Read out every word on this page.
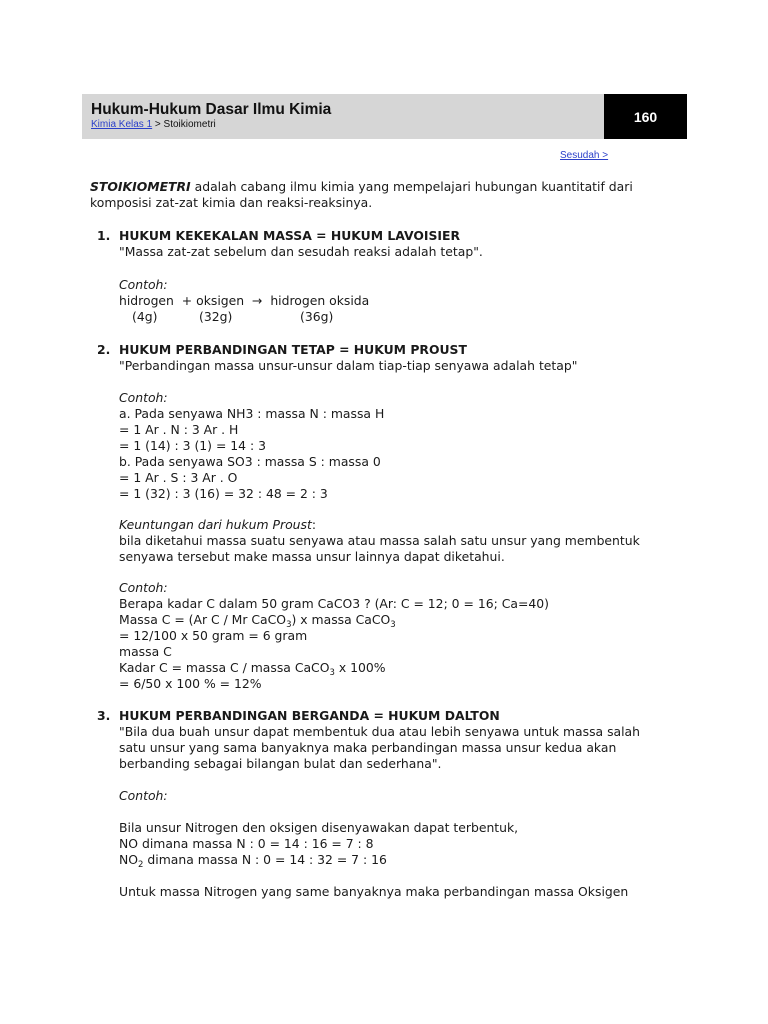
Hukum-Hukum Dasar Ilmu Kimia
Kimia Kelas 1 > Stoikiometri	160
Sesudah >
STOIKIOMETRI adalah cabang ilmu kimia yang mempelajari hubungan kuantitatif dari
komposisi zat-zat kimia dan reaksi-reaksinya.
1. HUKUM KEKEKALAN MASSA = HUKUM LAVOISIER
"Massa zat-zat sebelum dan sesudah reaksi adalah tetap".
Contoh:
hidrogen + oksigen → hidrogen oksida
(4g)	(32g)	(36g)
2. HUKUM PERBANDINGAN TETAP = HUKUM PROUST
"Perbandingan massa unsur-unsur dalam tiap-tiap senyawa adalah tetap"
Contoh:
a. Pada senyawa NH3 : massa N : massa H
= 1 Ar . N : 3 Ar . H
= 1 (14) : 3 (1) = 14 : 3
b. Pada senyawa SO3 : massa S : massa 0
= 1 Ar . S : 3 Ar . O
= 1 (32) : 3 (16) = 32 : 48 = 2 : 3
Keuntungan dari hukum Proust:
bila diketahui massa suatu senyawa atau massa salah satu unsur yang membentuk
senyawa tersebut make massa unsur lainnya dapat diketahui.
Contoh:
Berapa kadar C dalam 50 gram CaCO3 ? (Ar: C = 12; 0 = 16; Ca=40)
Massa C = (Ar C / Mr CaCO$_3$) x massa CaCO$_3$
= 12/100 x 50 gram = 6 gram
massa C
Kadar C = massa C / massa CaCO$_3$ x 100%
= 6/50 x 100 % = 12%
3. HUKUM PERBANDINGAN BERGANDA = HUKUM DALTON
"Bila dua buah unsur dapat membentuk dua atau lebih senyawa untuk massa salah
satu unsur yang sama banyaknya maka perbandingan massa unsur kedua akan
berbanding sebagai bilangan bulat dan sederhana".
Contoh:
Bila unsur Nitrogen den oksigen disenyawakan dapat terbentuk,
NO dimana massa N : 0 = 14 : 16 = 7 : 8
$NO_2$ dimana massa N : 0 = 14 : 32 = 7 : 16
Untuk massa Nitrogen yang same banyaknya maka perbandingan massa Oksigen
